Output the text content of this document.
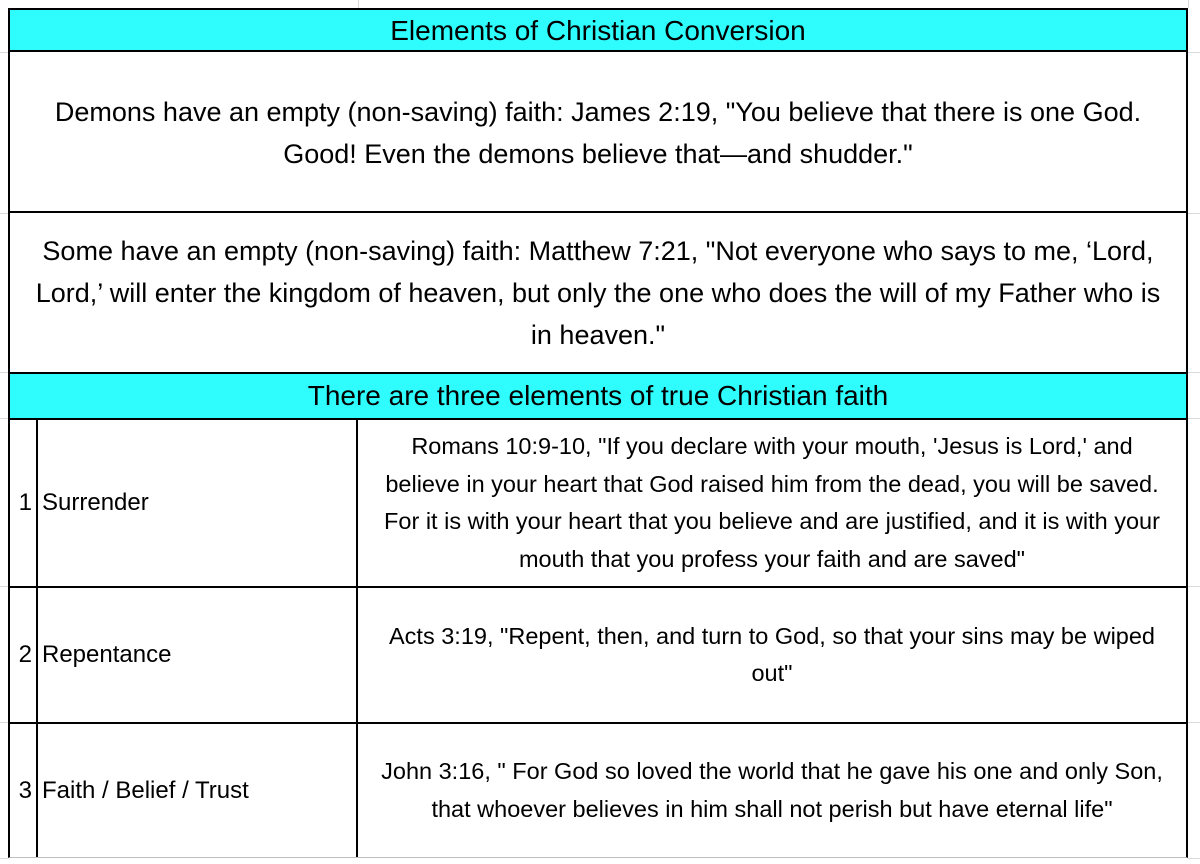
Elements of Christian Conversion
Demons have an empty (non-saving) faith: James 2:19, "You believe that there is one God. Good! Even the demons believe that—and shudder."
Some have an empty (non-saving) faith: Matthew 7:21, "Not everyone who says to me, ‘Lord, Lord,’ will enter the kingdom of heaven, but only the one who does the will of my Father who is in heaven."
There are three elements of true Christian faith
1 Surrender
Romans 10:9-10, "If you declare with your mouth, 'Jesus is Lord,' and believe in your heart that God raised him from the dead, you will be saved. For it is with your heart that you believe and are justified, and it is with your mouth that you profess your faith and are saved"
2 Repentance
Acts 3:19, "Repent, then, and turn to God, so that your sins may be wiped out"
3 Faith / Belief / Trust
John 3:16, " For God so loved the world that he gave his one and only Son, that whoever believes in him shall not perish but have eternal life"
